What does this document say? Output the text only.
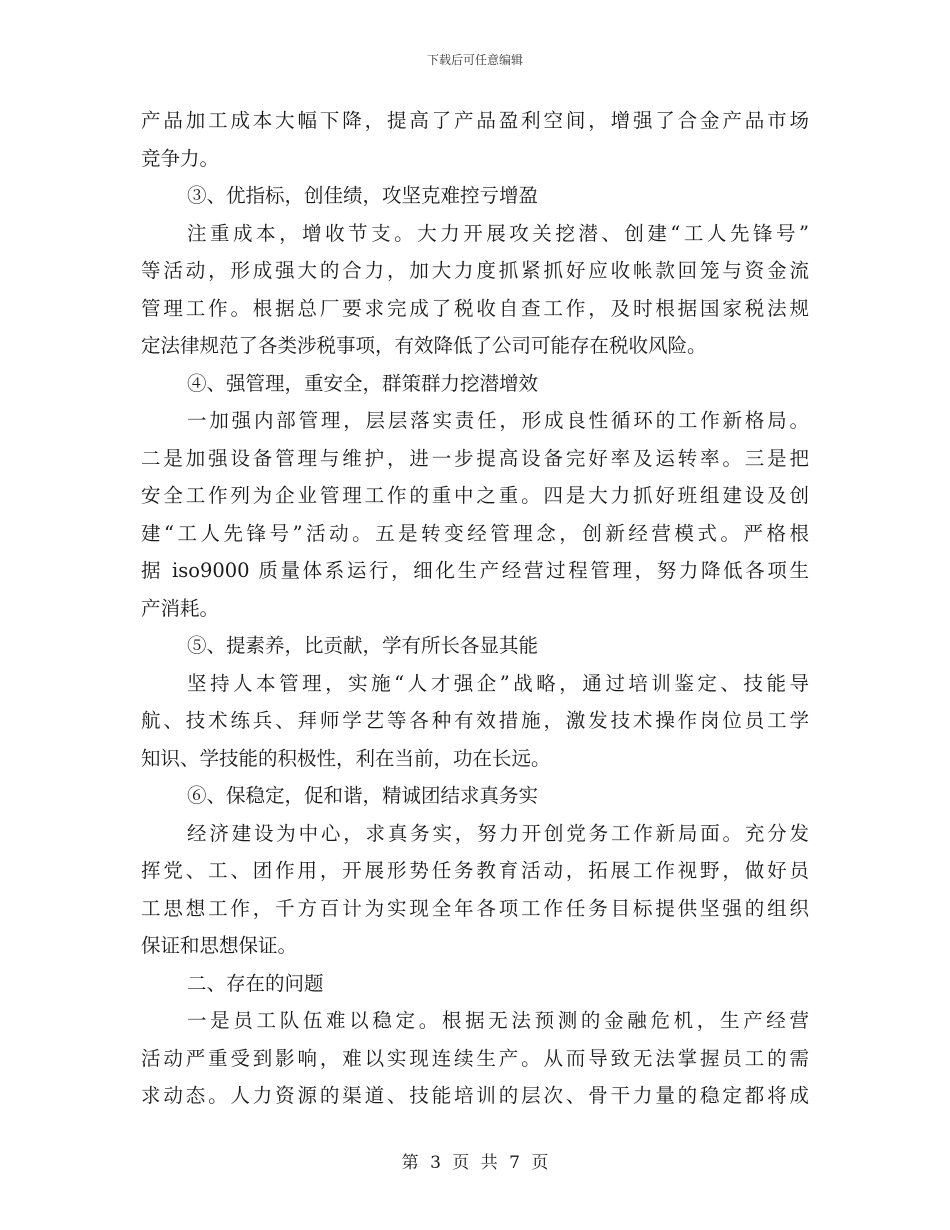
下载后可任意编辑
产品加工成本大幅下降，提高了产品盈利空间，增强了合金产品市场
竞争力。
③、优指标，创佳绩，攻坚克难控亏增盈
注重成本，增收节支。大力开展攻关挖潜、创建“工人先锋号”
等活动，形成强大的合力，加大力度抓紧抓好应收帐款回笼与资金流
管理工作。根据总厂要求完成了税收自查工作，及时根据国家税法规
定法律规范了各类涉税事项，有效降低了公司可能存在税收风险。
④、强管理，重安全，群策群力挖潜增效
一加强内部管理，层层落实责任，形成良性循环的工作新格局。
二是加强设备管理与维护，进一步提高设备完好率及运转率。三是把
安全工作列为企业管理工作的重中之重。四是大力抓好班组建设及创
建“工人先锋号”活动。五是转变经管理念，创新经营模式。严格根
据 iso9000 质量体系运行，细化生产经营过程管理，努力降低各项生
产消耗。
⑤、提素养，比贡献，学有所长各显其能
坚持人本管理，实施“人才强企”战略，通过培训鉴定、技能导
航、技术练兵、拜师学艺等各种有效措施，激发技术操作岗位员工学
知识、学技能的积极性，利在当前，功在长远。
⑥、保稳定，促和谐，精诚团结求真务实
经济建设为中心，求真务实，努力开创党务工作新局面。充分发
挥党、工、团作用，开展形势任务教育活动，拓展工作视野，做好员
工思想工作，千方百计为实现全年各项工作任务目标提供坚强的组织
保证和思想保证。
二、存在的问题
一是员工队伍难以稳定。根据无法预测的金融危机，生产经营
活动严重受到影响，难以实现连续生产。从而导致无法掌握员工的需
求动态。人力资源的渠道、技能培训的层次、骨干力量的稳定都将成
第 3 页 共 7 页
